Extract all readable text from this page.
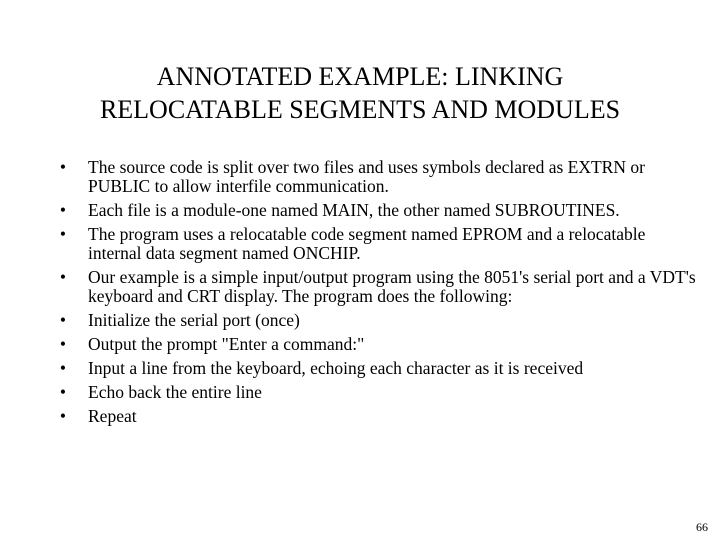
ANNOTATED EXAMPLE: LINKING
RELOCATABLE SEGMENTS AND MODULES
• The source code is split over two files and uses symbols declared as EXTRN or PUBLIC to allow interfile communication.
• Each file is a module-one named MAIN, the other named SUBROUTINES.
• The program uses a relocatable code segment named EPROM and a relocatable internal data segment named ONCHIP.
• Our example is a simple input/output program using the 8051's serial port and a VDT's keyboard and CRT display. The program does the following:
• Initialize the serial port (once)
• Output the prompt "Enter a command:"
• Input a line from the keyboard, echoing each character as it is received
• Echo back the entire line
• Repeat
66
